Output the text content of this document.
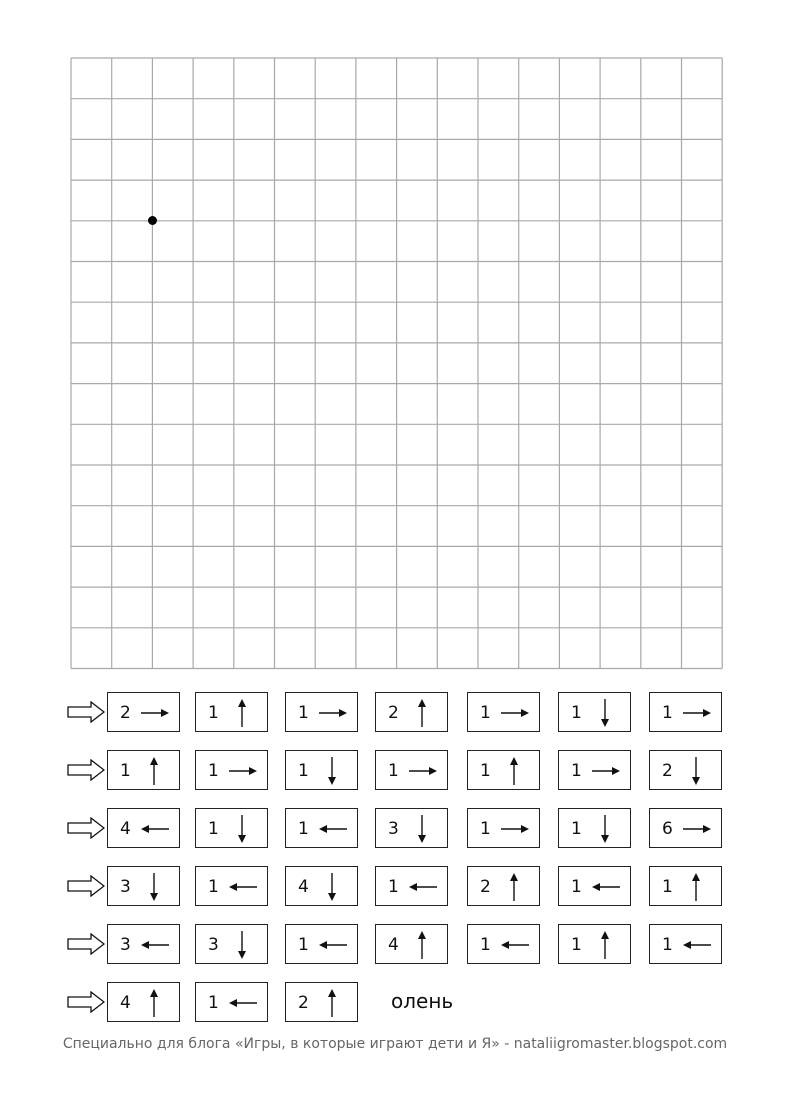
2	1	1	2	1	1	1
1	1	1	1	1	1	2
4	1	1	3	1	1	6
3	1	4	1	2	1	1
3	3	1	4	1	1	1
4	1	2	олень
Специально для блога «Игры, в которые играют дети и Я» - nataliigromaster.blogspot.com
